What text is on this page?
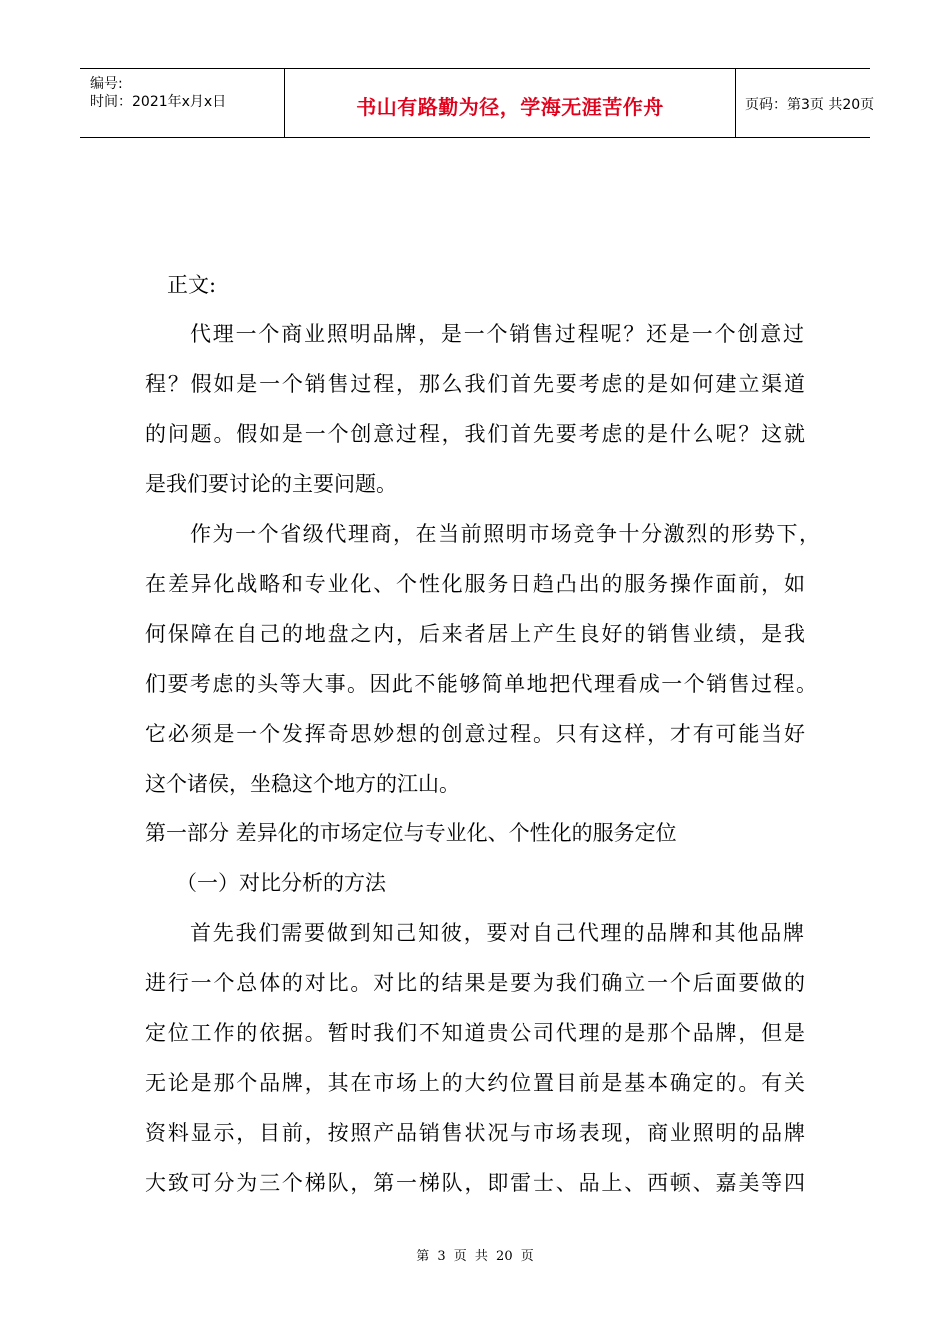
编号:
时间：2021年x月x日	书山有路勤为径，学海无涯苦作舟	页码：第3页 共20页
正文:
代理一个商业照明品牌，是一个销售过程呢？还是一个创意过
程？假如是一个销售过程，那么我们首先要考虑的是如何建立渠道
的问题。假如是一个创意过程，我们首先要考虑的是什么呢？这就
是我们要讨论的主要问题。
作为一个省级代理商，在当前照明市场竞争十分激烈的形势下，
在差异化战略和专业化、个性化服务日趋凸出的服务操作面前，如
何保障在自己的地盘之内，后来者居上产生良好的销售业绩，是我
们要考虑的头等大事。因此不能够简单地把代理看成一个销售过程。
它必须是一个发挥奇思妙想的创意过程。只有这样，才有可能当好
这个诸侯，坐稳这个地方的江山。
第一部分 差异化的市场定位与专业化、个性化的服务定位
（一）对比分析的方法
首先我们需要做到知己知彼，要对自己代理的品牌和其他品牌
进行一个总体的对比。对比的结果是要为我们确立一个后面要做的
定位工作的依据。暂时我们不知道贵公司代理的是那个品牌，但是
无论是那个品牌，其在市场上的大约位置目前是基本确定的。有关
资料显示，目前，按照产品销售状况与市场表现，商业照明的品牌
大致可分为三个梯队，第一梯队，即雷士、品上、西顿、嘉美等四
第 3 页 共 20 页
